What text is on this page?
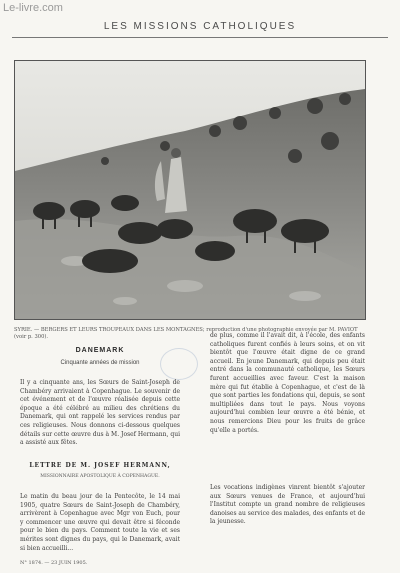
Le-livre.com
LES MISSIONS CATHOLIQUES
SYRIE. — BERGERS ET LEURS TROUPEAUX DANS LES MONTAGNES; reproduction d'une photographie envoyée par M. PAVIOT (voir p. 300).
DANEMARK
Cinquante années de mission
Il y a cinquante ans, les Sœurs de Saint-Joseph de Chambéry arrivaient à Copenhague. Le souvenir de cet événement et de l'œuvre réalisée depuis cette époque a été célébré au milieu des chrétiens du Danemark, qui ont rappelé les services rendus par ces religieuses. Nous donnons ci-dessous quelques détails sur cette œuvre dus à M. Josef Hermann, qui a assisté aux fêtes.
LETTRE DE M. JOSEF HERMANN,
MISSIONNAIRE APOSTOLIQUE À COPENHAGUE.
Le matin du beau jour de la Pentecôte, le 14 mai 1905, quatre Sœurs de Saint-Joseph de Chambéry, arrivèrent à Copenhague avec Mgr von Euch, pour y commencer une œuvre qui devait être si féconde pour le bien du pays. Comment toute la vie et ses mérites sont dignes du pays, qui le Danemark, avait si bien accueilli...
de plus, comme il l'avait dit, à l'école, des enfants catholiques furent confiés à leurs soins, et on vit bientôt que l'œuvre était digne de ce grand accueil. En jeune Danemark, qui depuis peu était entré dans la communauté catholique, les Sœurs furent accueillies avec faveur. C'est la maison mère qui fut établie à Copenhague, et c'est de là que sont parties les fondations qui, depuis, se sont multipliées dans tout le pays. Nous voyons aujourd'hui combien leur œuvre a été bénie, et nous remercions Dieu pour les fruits de grâce qu'elle a portés.
Les vocations indigènes vinrent bientôt s'ajouter aux Sœurs venues de France, et aujourd'hui l'Institut compte un grand nombre de religieuses danoises au service des malades, des enfants et de la jeunesse.
N° 1874. — 23 JUIN 1905.
